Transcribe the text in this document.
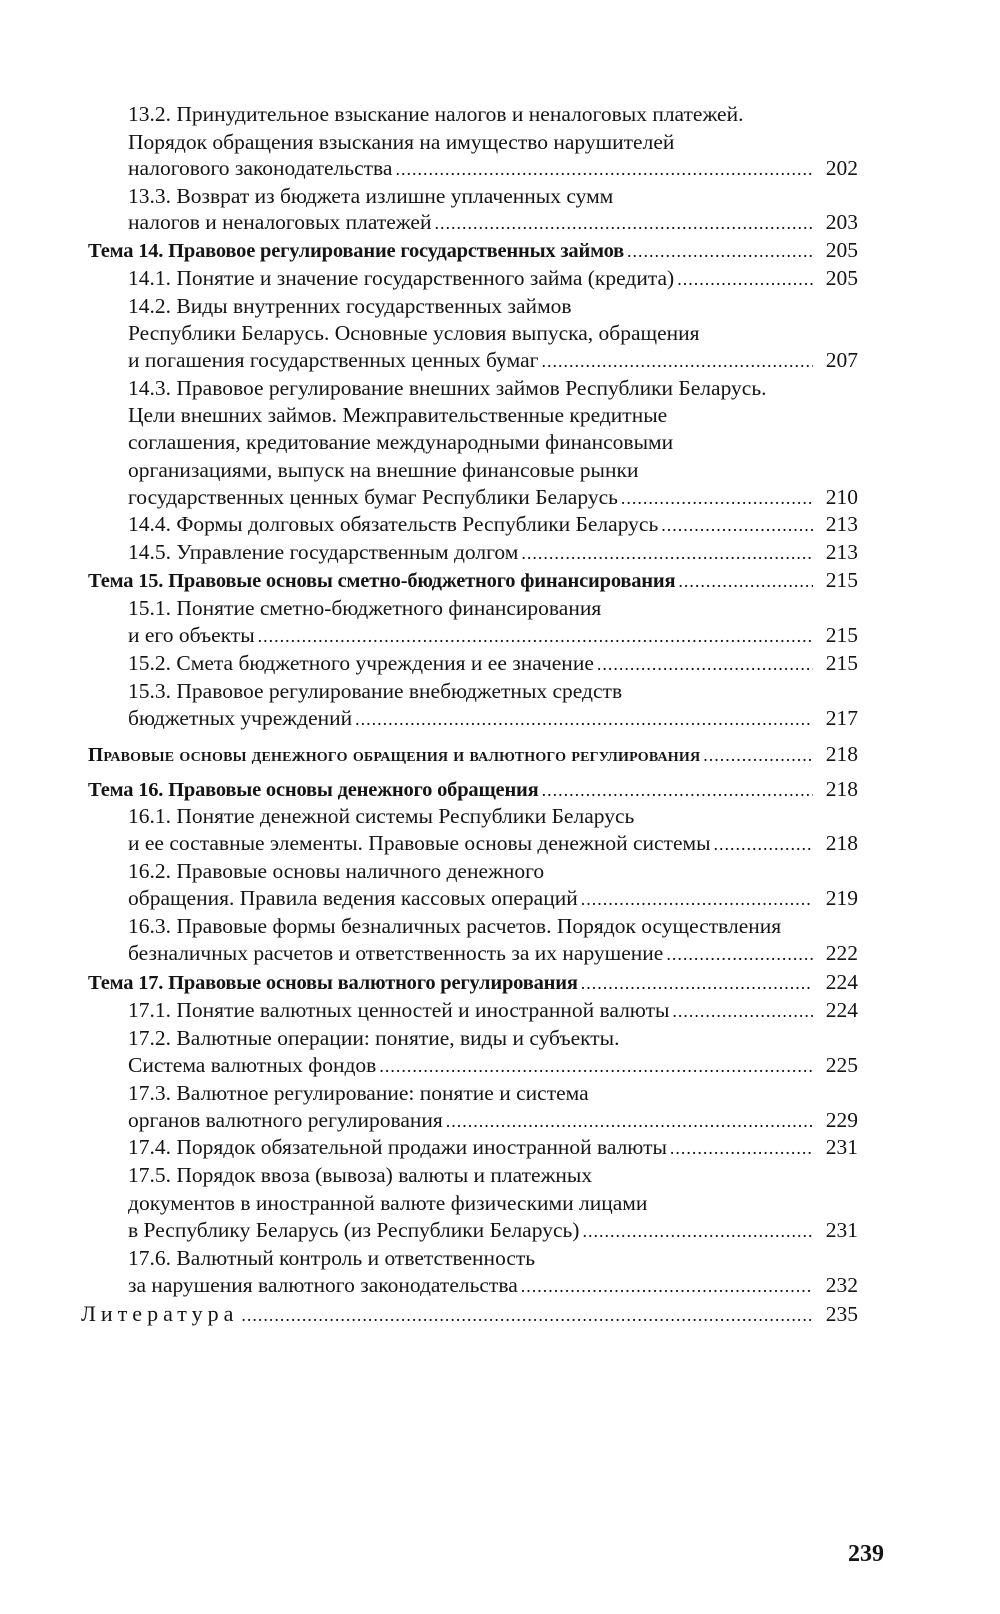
13.2. Принудительное взыскание налогов и неналоговых платежей.
Порядок обращения взыскания на имущество нарушителей
налогового законодательства .....	202
13.3. Возврат из бюджета излишне уплаченных сумм
налогов и неналоговых платежей .....	203
Тема 14. Правовое регулирование государственных займов .....	205
14.1. Понятие и значение государственного займа (кредита) .....	205
14.2. Виды внутренних государственных займов
Республики Беларусь. Основные условия выпуска, обращения
и погашения государственных ценных бумаг .....	207
14.3. Правовое регулирование внешних займов Республики Беларусь.
Цели внешних займов. Межправительственные кредитные
соглашения, кредитование международными финансовыми
организациями, выпуск на внешние финансовые рынки
государственных ценных бумаг Республики Беларусь .....	210
14.4. Формы долговых обязательств Республики Беларусь .....	213
14.5. Управление государственным долгом .....	213
Тема 15. Правовые основы сметно-бюджетного финансирования .....	215
15.1. Понятие сметно-бюджетного финансирования
и его объекты .....	215
15.2. Смета бюджетного учреждения и ее значение .....	215
15.3. Правовое регулирование внебюджетных средств
бюджетных учреждений .....	217
Правовые основы денежного обращения и валютного регулирования .....	218
Тема 16. Правовые основы денежного обращения .....	218
16.1. Понятие денежной системы Республики Беларусь
и ее составные элементы. Правовые основы денежной системы .....	218
16.2. Правовые основы наличного денежного
обращения. Правила ведения кассовых операций .....	219
16.3. Правовые формы безналичных расчетов. Порядок осуществления
безналичных расчетов и ответственность за их нарушение .....	222
Тема 17. Правовые основы валютного регулирования .....	224
17.1. Понятие валютных ценностей и иностранной валюты .....	224
17.2. Валютные операции: понятие, виды и субъекты.
Система валютных фондов .....	225
17.3. Валютное регулирование: понятие и система
органов валютного регулирования .....	229
17.4. Порядок обязательной продажи иностранной валюты .....	231
17.5. Порядок ввоза (вывоза) валюты и платежных
документов в иностранной валюте физическими лицами
в Республику Беларусь (из Республики Беларусь) .....	231
17.6. Валютный контроль и ответственность
за нарушения валютного законодательства .....	232
Литература .....	235
239
